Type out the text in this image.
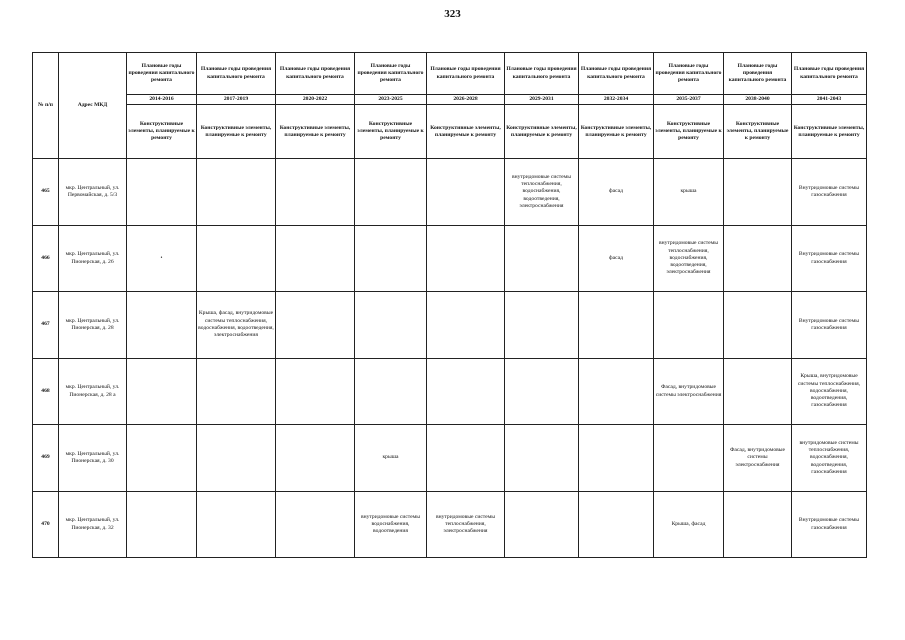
323
№ п/п	Адрес МКД	Плановые годы проведения капитального ремонта	Плановые годы проведения капитального ремонта	Плановые годы проведения капитального ремонта	Плановые годы проведения капитального ремонта	Плановые годы проведения капитального ремонта	Плановые годы проведения капитального ремонта	Плановые годы проведения капитального ремонта	Плановые годы проведения капитального ремонта	Плановые годы проведения капитального ремонта	Плановые годы проведения капитального ремонта
		2014-2016	2017-2019	2020-2022	2023-2025	2026-2028	2029-2031	2032-2034	2035-2037	2038-2040	2041-2043
		Конструктивные элементы, планируемые к ремонту	Конструктивные элементы, планируемые к ремонту	Конструктивные элементы, планируемые к ремонту	Конструктивные элементы, планируемые к ремонту	Конструктивные элементы, планируемые к ремонту	Конструктивные элементы, планируемые к ремонту	Конструктивные элементы, планируемые к ремонту	Конструктивные элементы, планируемые к ремонту	Конструктивные элементы, планируемые к ремонту	Конструктивные элементы, планируемые к ремонту
465	мкр. Центральный, ул. Первомайская, д. 5/3						внутридомовые системы теплоснабжения, водоснабжения, водоотведения, электроснабжения	фасад	крыша		Внутридомовые системы газоснабжения
466	мкр. Центральный, ул. Пионерская, д. 26	•						фасад	внутридомовые системы теплоснабжения, водоснабжения, водоотведения, электроснабжения		Внутридомовые системы газоснабжения
467	мкр. Центральный, ул. Пионерская, д. 28		Крыша, фасад, внутридомовые системы теплоснабжения, водоснабжения, водоотведения, электроснабжения								Внутридомовые системы газоснабжения
468	мкр. Центральный, ул. Пионерская, д. 28 а								Фасад, внутридомовые системы электроснабжения		Крыша, внутридомовые системы теплоснабжения, водоснабжения, водоотведения, газоснабжения
469	мкр. Центральный, ул. Пионерская, д. 30				крыша					Фасад, внутридомовые системы электроснабжения	внутридомовые системы теплоснабжения, водоснабжения, водоотведения, газоснабжения
470	мкр. Центральный, ул. Пионерская, д. 32				внутридомовые системы водоснабжения, водоотведения	внутридомовые системы теплоснабжения, электроснабжения			Крыша, фасад		Внутридомовые системы газоснабжения
